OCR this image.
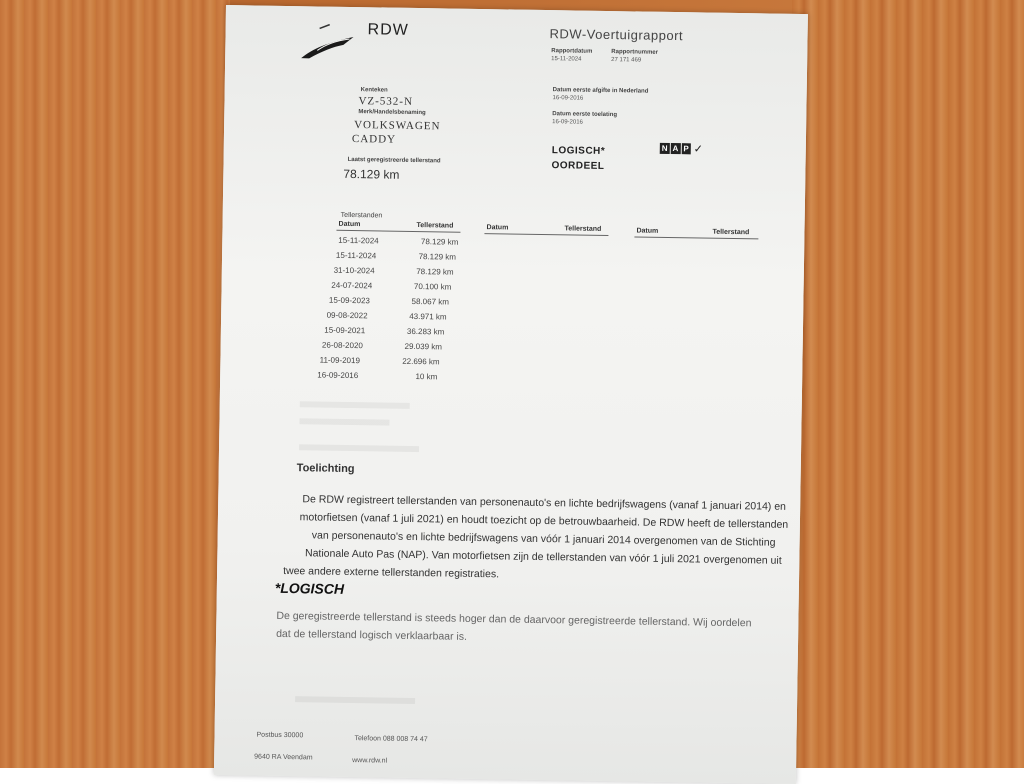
RDW	RDW-Voertuigrapport
Rapportdatum
15-11-2024
Rapportnummer
27 171 469
Kenteken
VZ-532-N
Merk/Handelsbenaming
VOLKSWAGEN
CADDY
Laatst geregistreerde tellerstand
78.129 km
Datum eerste afgifte in Nederland
16-09-2016
Datum eerste toelating
16-09-2016
LOGISCH*
OORDEEL
N A P ✓
Tellerstanden
Datum	Tellerstand	Datum	Tellerstand	Datum	Tellerstand
15-11-2024	78.129 km
15-11-2024	78.129 km
31-10-2024	78.129 km
24-07-2024	70.100 km
15-09-2023	58.067 km
09-08-2022	43.971 km
15-09-2021	36.283 km
26-08-2020	29.039 km
11-09-2019	22.696 km
16-09-2016	10 km
Toelichting
De RDW registreert tellerstanden van personenauto's en lichte bedrijfswagens (vanaf 1 januari 2014) en
motorfietsen (vanaf 1 juli 2021) en houdt toezicht op de betrouwbaarheid. De RDW heeft de tellerstanden
van personenauto's en lichte bedrijfswagens van vóór 1 januari 2014 overgenomen van de Stichting
Nationale Auto Pas (NAP). Van motorfietsen zijn de tellerstanden van vóór 1 juli 2021 overgenomen uit
twee andere externe tellerstanden registraties.
*LOGISCH
De geregistreerde tellerstand is steeds hoger dan de daarvoor geregistreerde tellerstand. Wij oordelen
dat de tellerstand logisch verklaarbaar is.
Postbus 30000	Telefoon 088 008 74 47
9640 RA Veendam	www.rdw.nl
